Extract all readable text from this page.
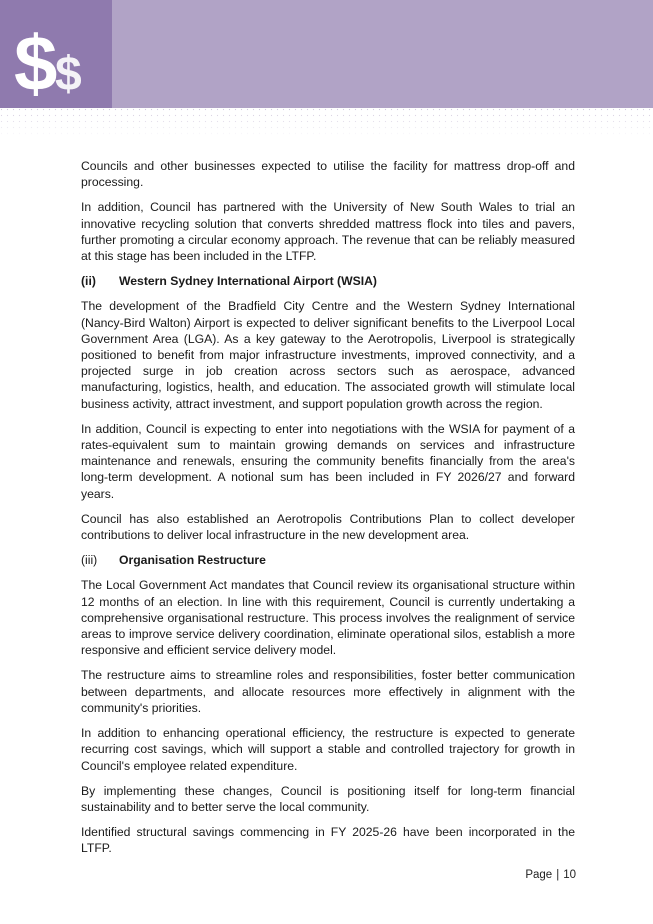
$
$

Councils and other businesses expected to utilise the facility for mattress drop-off and processing.

In addition, Council has partnered with the University of New South Wales to trial an innovative recycling solution that converts shredded mattress flock into tiles and pavers, further promoting a circular economy approach. The revenue that can be reliably measured at this stage has been included in the LTFP.

(ii)	Western Sydney International Airport (WSIA)

The development of the Bradfield City Centre and the Western Sydney International (Nancy-Bird Walton) Airport is expected to deliver significant benefits to the Liverpool Local Government Area (LGA). As a key gateway to the Aerotropolis, Liverpool is strategically positioned to benefit from major infrastructure investments, improved connectivity, and a projected surge in job creation across sectors such as aerospace, advanced manufacturing, logistics, health, and education. The associated growth will stimulate local business activity, attract investment, and support population growth across the region.

In addition, Council is expecting to enter into negotiations with the WSIA for payment of a rates-equivalent sum to maintain growing demands on services and infrastructure maintenance and renewals, ensuring the community benefits financially from the area's long-term development. A notional sum has been included in FY 2026/27 and forward years.

Council has also established an Aerotropolis Contributions Plan to collect developer contributions to deliver local infrastructure in the new development area.

(iii)	Organisation Restructure

The Local Government Act mandates that Council review its organisational structure within 12 months of an election. In line with this requirement, Council is currently undertaking a comprehensive organisational restructure. This process involves the realignment of service areas to improve service delivery coordination, eliminate operational silos, establish a more responsive and efficient service delivery model.

The restructure aims to streamline roles and responsibilities, foster better communication between departments, and allocate resources more effectively in alignment with the community's priorities.

In addition to enhancing operational efficiency, the restructure is expected to generate recurring cost savings, which will support a stable and controlled trajectory for growth in Council's employee related expenditure.

By implementing these changes, Council is positioning itself for long-term financial sustainability and to better serve the local community.

Identified structural savings commencing in FY 2025-26 have been incorporated in the LTFP.

Page | 10
